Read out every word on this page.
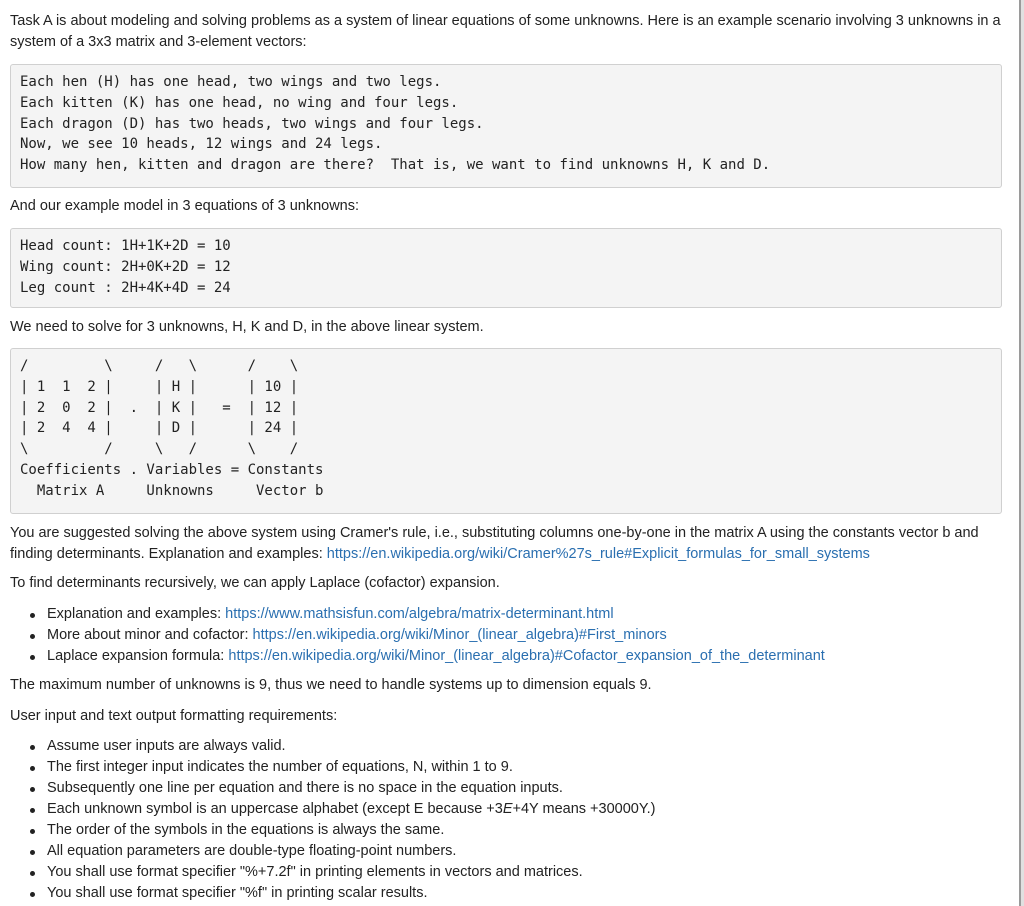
Task A is about modeling and solving problems as a system of linear equations of some unknowns. Here is an example scenario involving 3 unknowns in a system of a 3x3 matrix and 3-element vectors:

Each hen (H) has one head, two wings and two legs.
Each kitten (K) has one head, no wing and four legs.
Each dragon (D) has two heads, two wings and four legs.
Now, we see 10 heads, 12 wings and 24 legs.
How many hen, kitten and dragon are there?  That is, we want to find unknowns H, K and D.

And our example model in 3 equations of 3 unknowns:

Head count: 1H+1K+2D = 10
Wing count: 2H+0K+2D = 12
Leg count : 2H+4K+4D = 24

We need to solve for 3 unknowns, H, K and D, in the above linear system.

/         \     /   \      /    \
| 1  1  2 |     | H |      | 10 |
| 2  0  2 |  .  | K |   =  | 12 |
| 2  4  4 |     | D |      | 24 |
\         /     \   /      \    /
Coefficients . Variables = Constants
Matrix A     Unknowns     Vector b

You are suggested solving the above system using Cramer's rule, i.e., substituting columns one-by-one in the matrix A using the constants vector b and finding determinants. Explanation and examples: https://en.wikipedia.org/wiki/Cramer%27s_rule#Explicit_formulas_for_small_systems

To find determinants recursively, we can apply Laplace (cofactor) expansion.

Explanation and examples: https://www.mathsisfun.com/algebra/matrix-determinant.html
More about minor and cofactor: https://en.wikipedia.org/wiki/Minor_(linear_algebra)#First_minors
Laplace expansion formula: https://en.wikipedia.org/wiki/Minor_(linear_algebra)#Cofactor_expansion_of_the_determinant

The maximum number of unknowns is 9, thus we need to handle systems up to dimension equals 9.

User input and text output formatting requirements:

Assume user inputs are always valid.
The first integer input indicates the number of equations, N, within 1 to 9.
Subsequently one line per equation and there is no space in the equation inputs.
Each unknown symbol is an uppercase alphabet (except E because +3E+4Y means +30000Y.)
The order of the symbols in the equations is always the same.
All equation parameters are double-type floating-point numbers.
You shall use format specifier "%+7.2f" in printing elements in vectors and matrices.
You shall use format specifier "%f" in printing scalar results.
